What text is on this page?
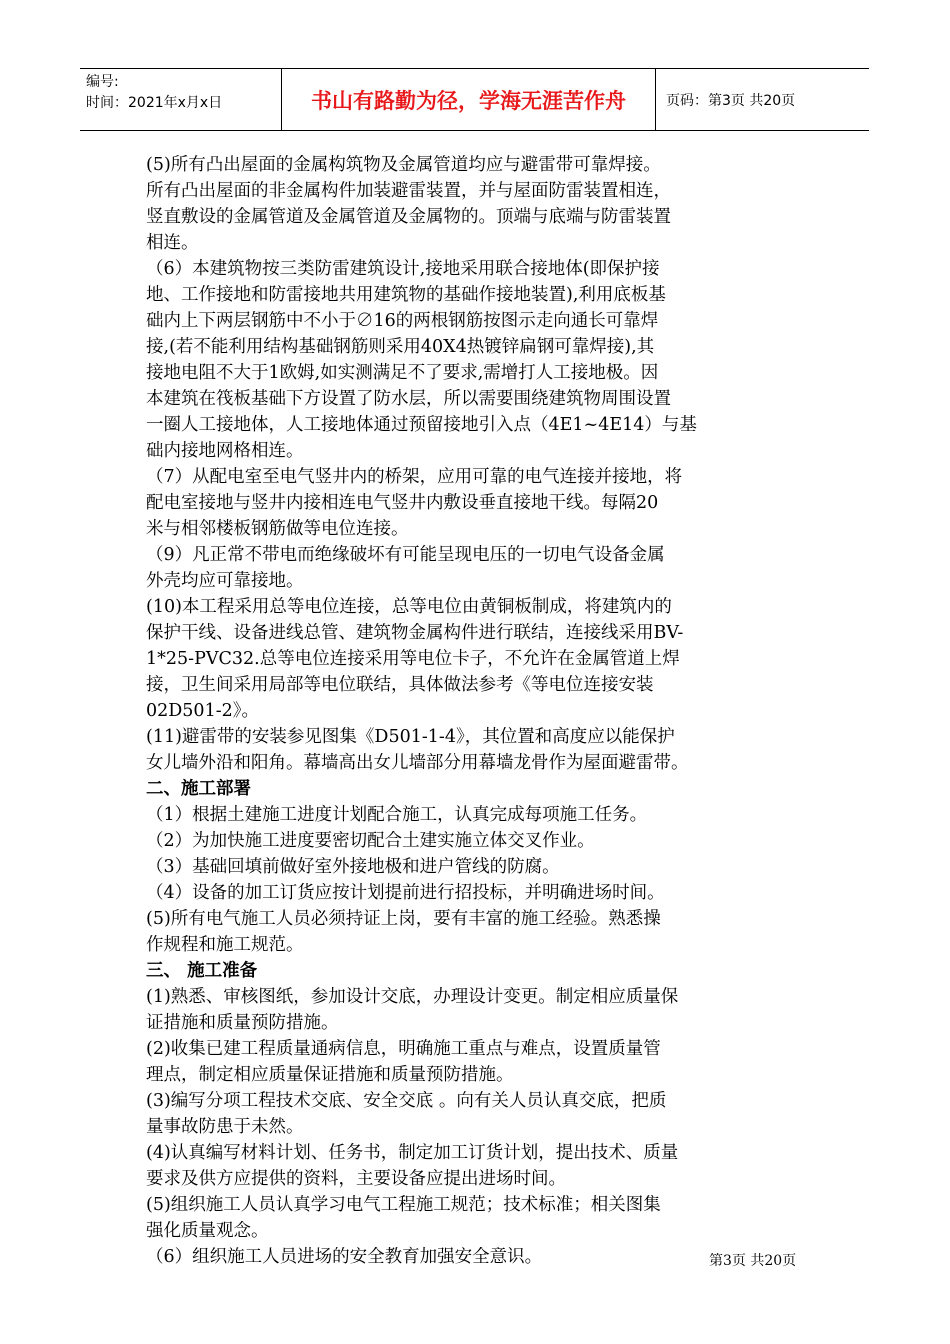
编号:
时间：2021年x月x日	书山有路勤为径，学海无涯苦作舟	页码：第3页 共20页
(5)所有凸出屋面的金属构筑物及金属管道均应与避雷带可靠焊接。
所有凸出屋面的非金属构件加装避雷装置，并与屋面防雷装置相连，
竖直敷设的金属管道及金属管道及金属物的。顶端与底端与防雷装置
相连。
（6）本建筑物按三类防雷建筑设计,接地采用联合接地体(即保护接
地、工作接地和防雷接地共用建筑物的基础作接地装置),利用底板基
础内上下两层钢筋中不小于∅16的两根钢筋按图示走向通长可靠焊
接,(若不能利用结构基础钢筋则采用40X4热镀锌扁钢可靠焊接),其
接地电阻不大于1欧姆,如实测满足不了要求,需增打人工接地极。因
本建筑在筏板基础下方设置了防水层，所以需要围绕建筑物周围设置
一圈人工接地体，人工接地体通过预留接地引入点（4E1~4E14）与基
础内接地网格相连。
（7）从配电室至电气竖井内的桥架，应用可靠的电气连接并接地，将
配电室接地与竖井内接相连电气竖井内敷设垂直接地干线。每隔20
米与相邻楼板钢筋做等电位连接。
（9）凡正常不带电而绝缘破坏有可能呈现电压的一切电气设备金属
外壳均应可靠接地。
(10)本工程采用总等电位连接，总等电位由黄铜板制成，将建筑内的
保护干线、设备进线总管、建筑物金属构件进行联结，连接线采用BV-
1*25-PVC32.总等电位连接采用等电位卡子，不允许在金属管道上焊
接，卫生间采用局部等电位联结，具体做法参考《等电位连接安装
02D501-2》。
(11)避雷带的安装参见图集《D501-1-4》，其位置和高度应以能保护
女儿墙外沿和阳角。幕墙高出女儿墙部分用幕墙龙骨作为屋面避雷带。
二、施工部署
（1）根据土建施工进度计划配合施工，认真完成每项施工任务。
（2）为加快施工进度要密切配合土建实施立体交叉作业。
（3）基础回填前做好室外接地极和进户管线的防腐。
（4）设备的加工订货应按计划提前进行招投标，并明确进场时间。
(5)所有电气施工人员必须持证上岗，要有丰富的施工经验。熟悉操
作规程和施工规范。
三、 施工准备
(1)熟悉、审核图纸，参加设计交底，办理设计变更。制定相应质量保
证措施和质量预防措施。
(2)收集已建工程质量通病信息，明确施工重点与难点，设置质量管
理点，制定相应质量保证措施和质量预防措施。
(3)编写分项工程技术交底、安全交底 。向有关人员认真交底，把质
量事故防患于未然。
(4)认真编写材料计划、任务书，制定加工订货计划，提出技术、质量
要求及供方应提供的资料，主要设备应提出进场时间。
(5)组织施工人员认真学习电气工程施工规范；技术标准；相关图集
强化质量观念。
（6）组织施工人员进场的安全教育加强安全意识。	第3页 共20页
